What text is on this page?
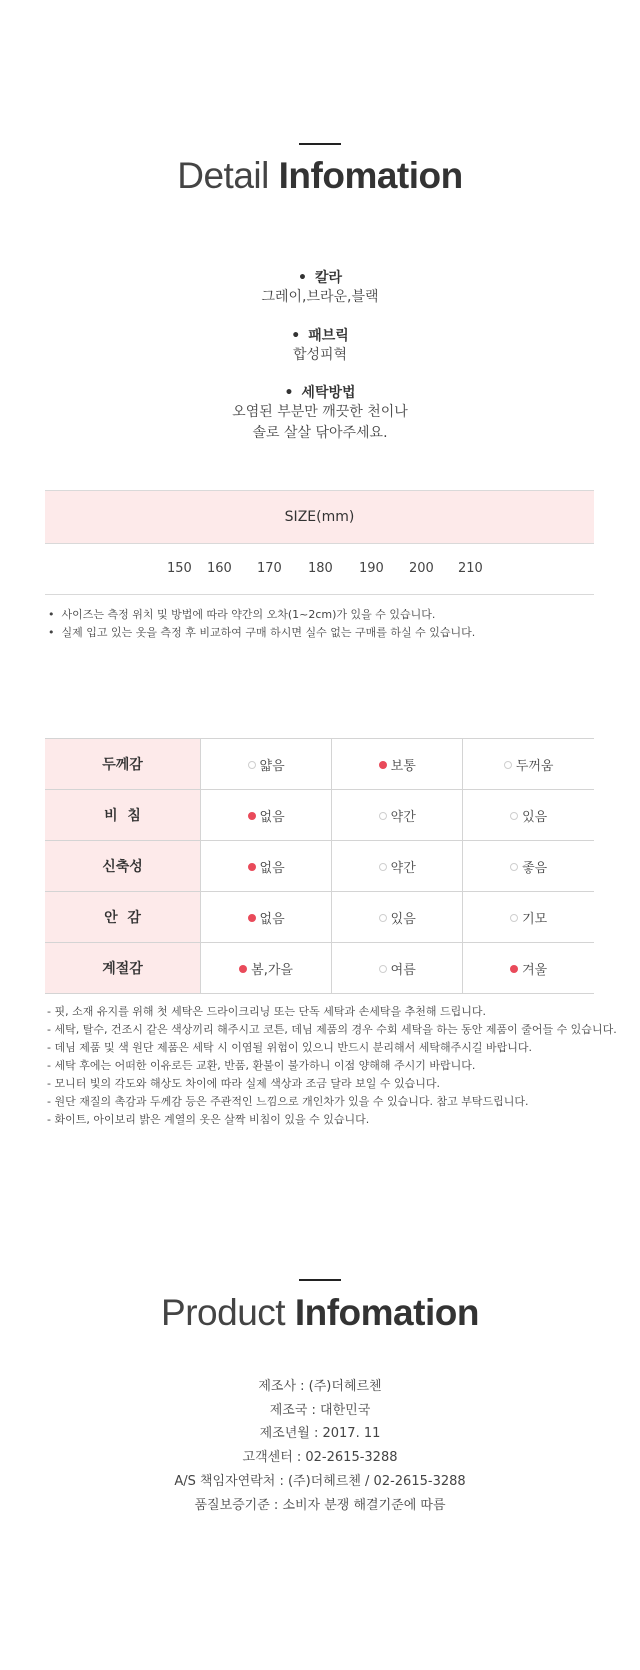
Detail Infomation
• 칼라
그레이,브라운,블랙
• 패브릭
합성피혁
• 세탁방법
오염된 부분만 깨끗한 천이나
솔로 살살 닦아주세요.
SIZE(mm)
150 160 170 180 190 200 210
•  사이즈는 측정 위치 및 방법에 따라 약간의 오차(1~2cm)가 있을 수 있습니다.
•  실제 입고 있는 옷을 측정 후 비교하여 구매 하시면 실수 없는 구매를 하실 수 있습니다.
두께감	얇음	보통	두꺼움
비  침	없음	약간	있음
신축성	없음	약간	좋음
안  감	없음	있음	기모
계절감	봄,가을	여름	겨울
- 핏, 소재 유지를 위해 첫 세탁은 드라이크리닝 또는 단독 세탁과 손세탁을 추천해 드립니다.
- 세탁, 탈수, 건조시 같은 색상끼리 해주시고 코튼, 데님 제품의 경우 수회 세탁을 하는 동안 제품이 줄어들 수 있습니다.
- 데님 제품 및 색 원단 제품은 세탁 시 이염될 위험이 있으니 반드시 분리해서 세탁해주시길 바랍니다.
- 세탁 후에는 어떠한 이유로든 교환, 반품, 환불이 불가하니 이점 양해해 주시기 바랍니다.
- 모니터 빛의 각도와 해상도 차이에 따라 실제 색상과 조금 달라 보일 수 있습니다.
- 원단 재질의 촉감과 두께감 등은 주관적인 느낌으로 개인차가 있을 수 있습니다. 참고 부탁드립니다.
- 화이트, 아이보리 밝은 계열의 옷은 살짝 비침이 있을 수 있습니다.
Product Infomation
제조사 : (주)더헤르첸
제조국 : 대한민국
제조년월 : 2017. 11
고객센터 : 02-2615-3288
A/S 책임자연락처 : (주)더헤르첸 / 02-2615-3288
품질보증기준 : 소비자 분쟁 해결기준에 따름
